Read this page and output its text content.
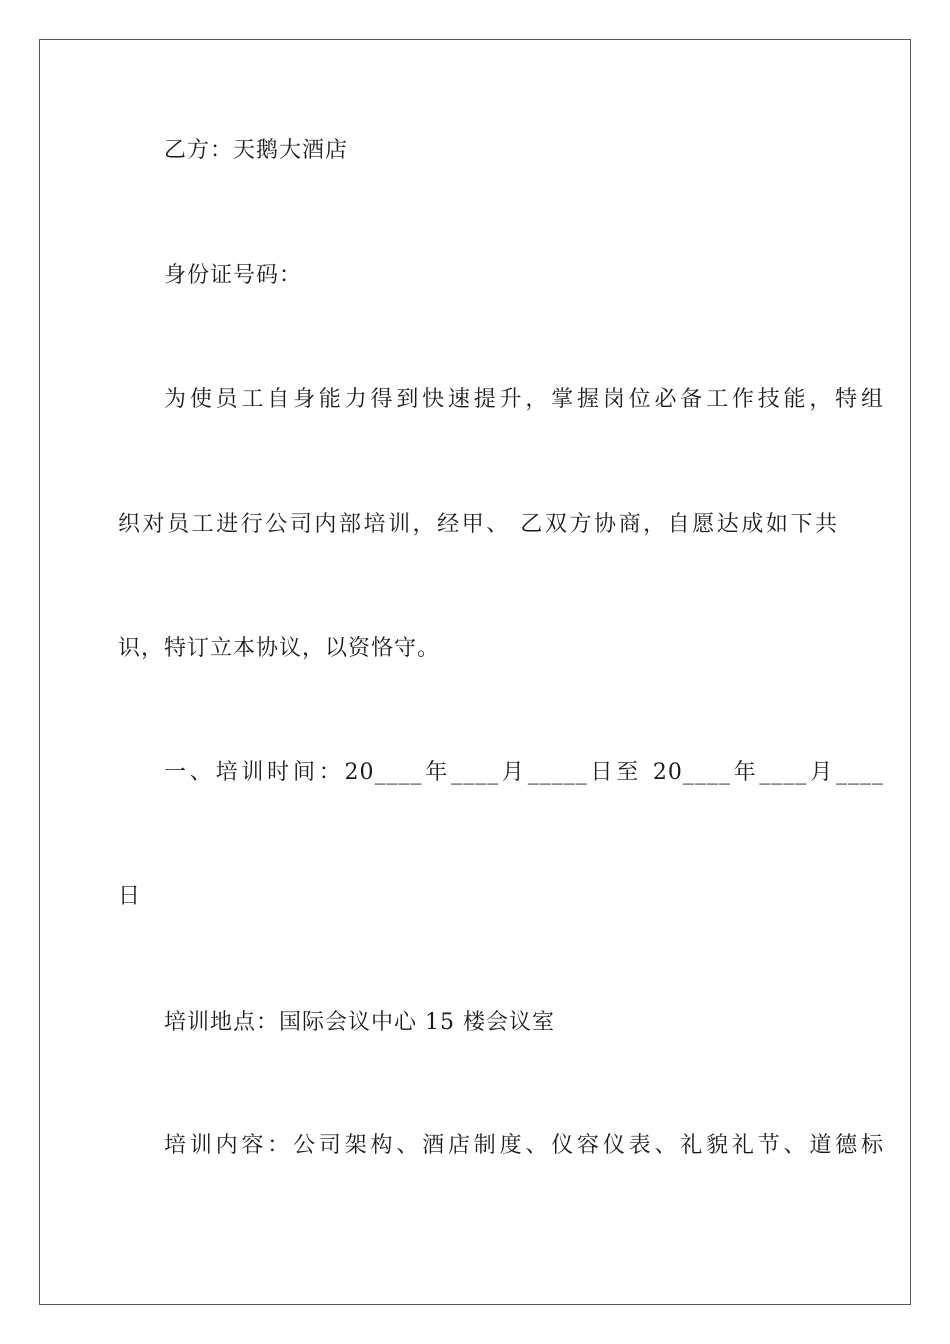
乙方：天鹅大酒店
身份证号码：
为使员工自身能力得到快速提升，掌握岗位必备工作技能，特组
织对员工进行公司内部培训，经甲、 乙双方协商，自愿达成如下共
识，特订立本协议，以资恪守。
一、培训时间：20____年____月_____日至 20____年____月____
日
培训地点：国际会议中心 15 楼会议室
培训内容：公司架构、酒店制度、仪容仪表、礼貌礼节、道德标
